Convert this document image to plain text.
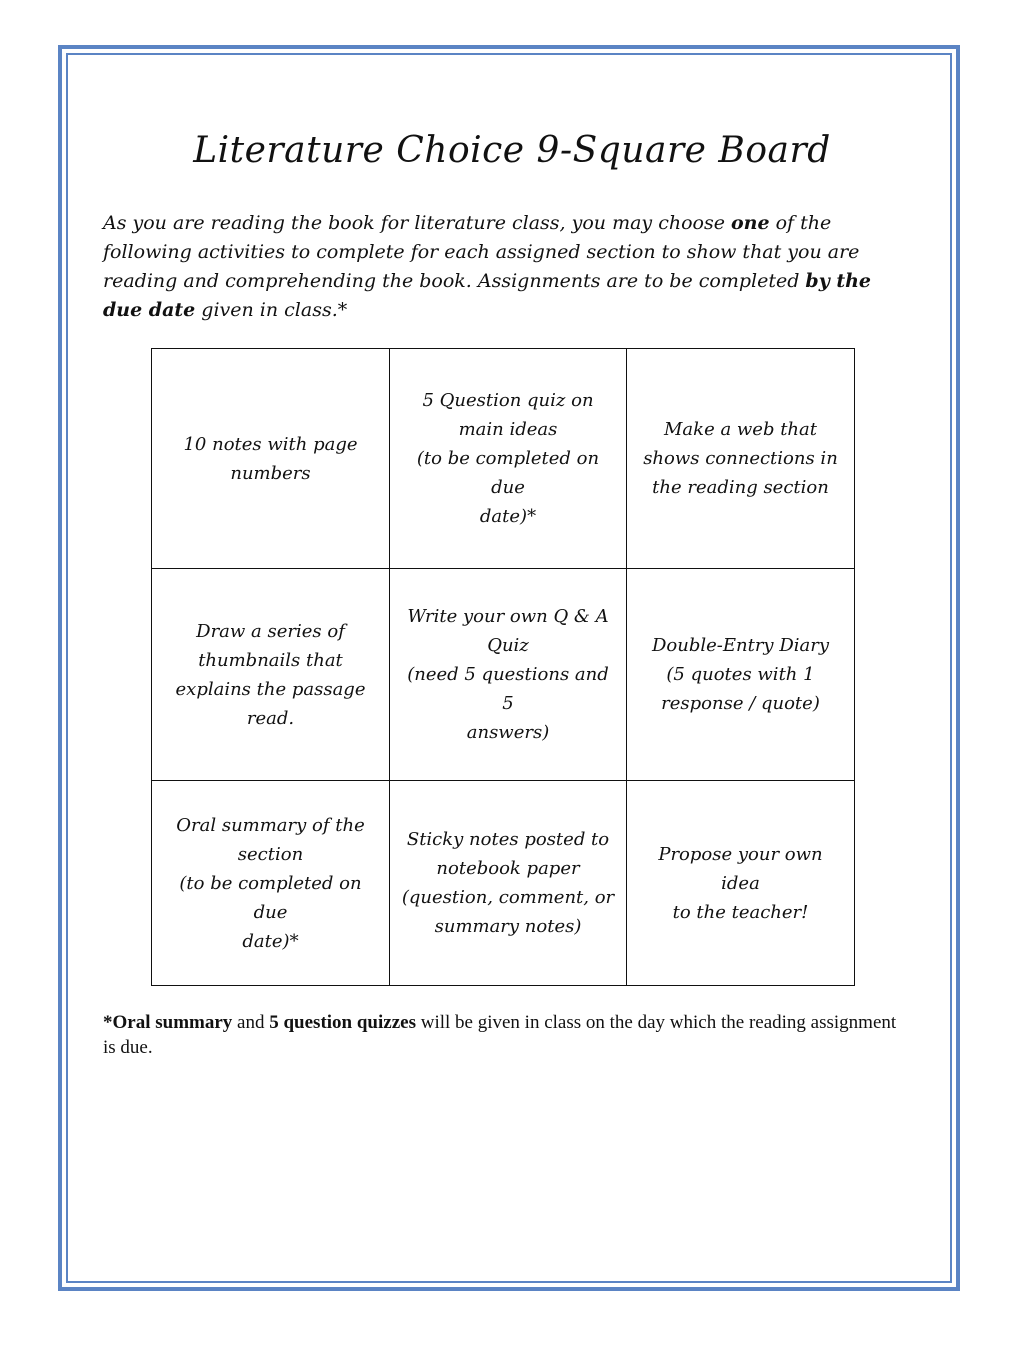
Literature Choice 9-Square Board

As you are reading the book for literature class, you may choose one of the following activities to complete for each assigned section to show that you are reading and comprehending the book. Assignments are to be completed by the due date given in class.*

10 notes with page
numbers	5 Question quiz on
main ideas
(to be completed on due
date)*	Make a web that
shows connections in
the reading section

Draw a series of
thumbnails that
explains the passage
read.	Write your own Q & A
Quiz
(need 5 questions and 5
answers)	Double-Entry Diary
(5 quotes with 1
response / quote)

Oral summary of the
section
(to be completed on due
date)*	Sticky notes posted to
notebook paper
(question, comment, or
summary notes)	Propose your own idea
to the teacher!

*Oral summary and 5 question quizzes will be given in class on the day which the reading assignment is due.
